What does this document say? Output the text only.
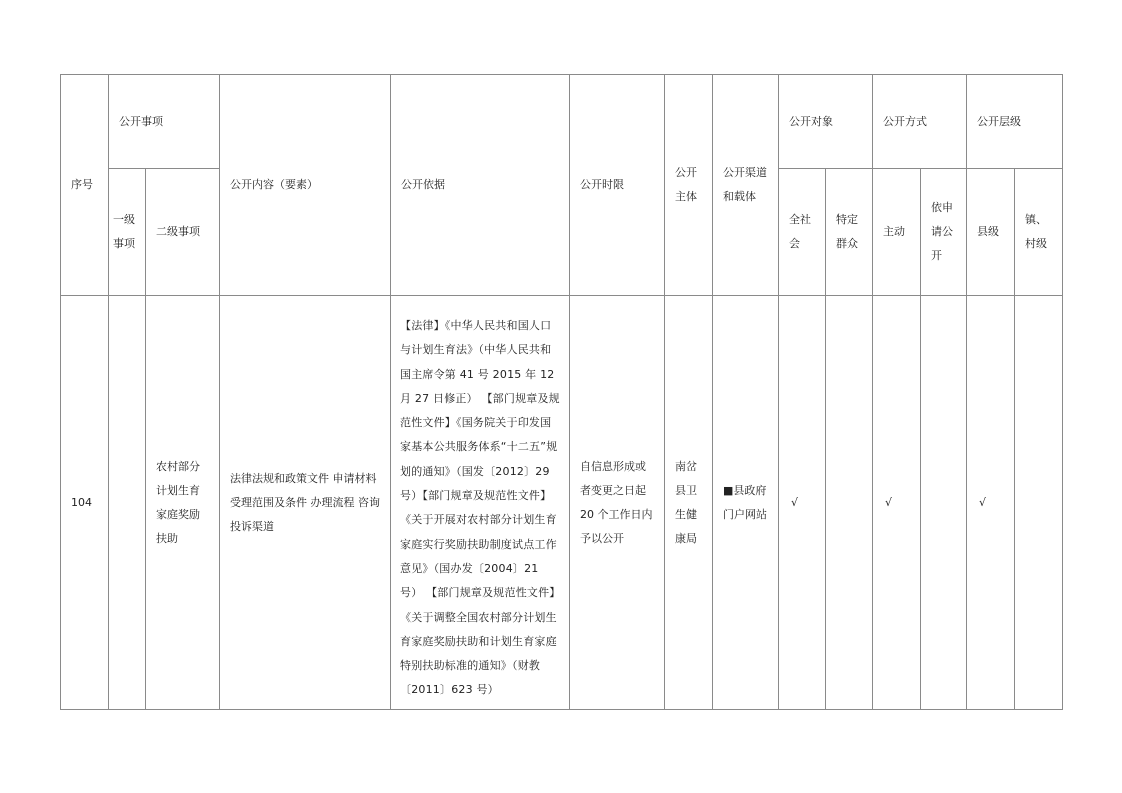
序号	公开事项		公开内容（要素）	公开依据	公开时限	公开主体	公开渠道和载体	公开对象		公开方式		公开层级	
	一级事项	二级事项						全社会	特定群众	主动	依申请公开	县级	镇、村级
104		农村部分计划生育家庭奖励扶助	法律法规和政策文件 申请材料 受理范围及条件 办理流程 咨询投诉渠道	【法律】《中华人民共和国人口与计划生育法》（中华人民共和国主席令第 41 号 2015 年 12 月 27 日修正） 【部门规章及规范性文件】《国务院关于印发国家基本公共服务体系“十二五”规划的通知》（国发〔2012〕29 号）【部门规章及规范性文件】《关于开展对农村部分计划生育家庭实行奖励扶助制度试点工作意见》（国办发〔2004〕21 号） 【部门规章及规范性文件】《关于调整全国农村部分计划生育家庭奖励扶助和计划生育家庭特别扶助标准的通知》（财教〔2011〕623 号）	自信息形成或者变更之日起 20 个工作日内予以公开	南岔县卫生健康局	■县政府门户网站	√		√		√	
